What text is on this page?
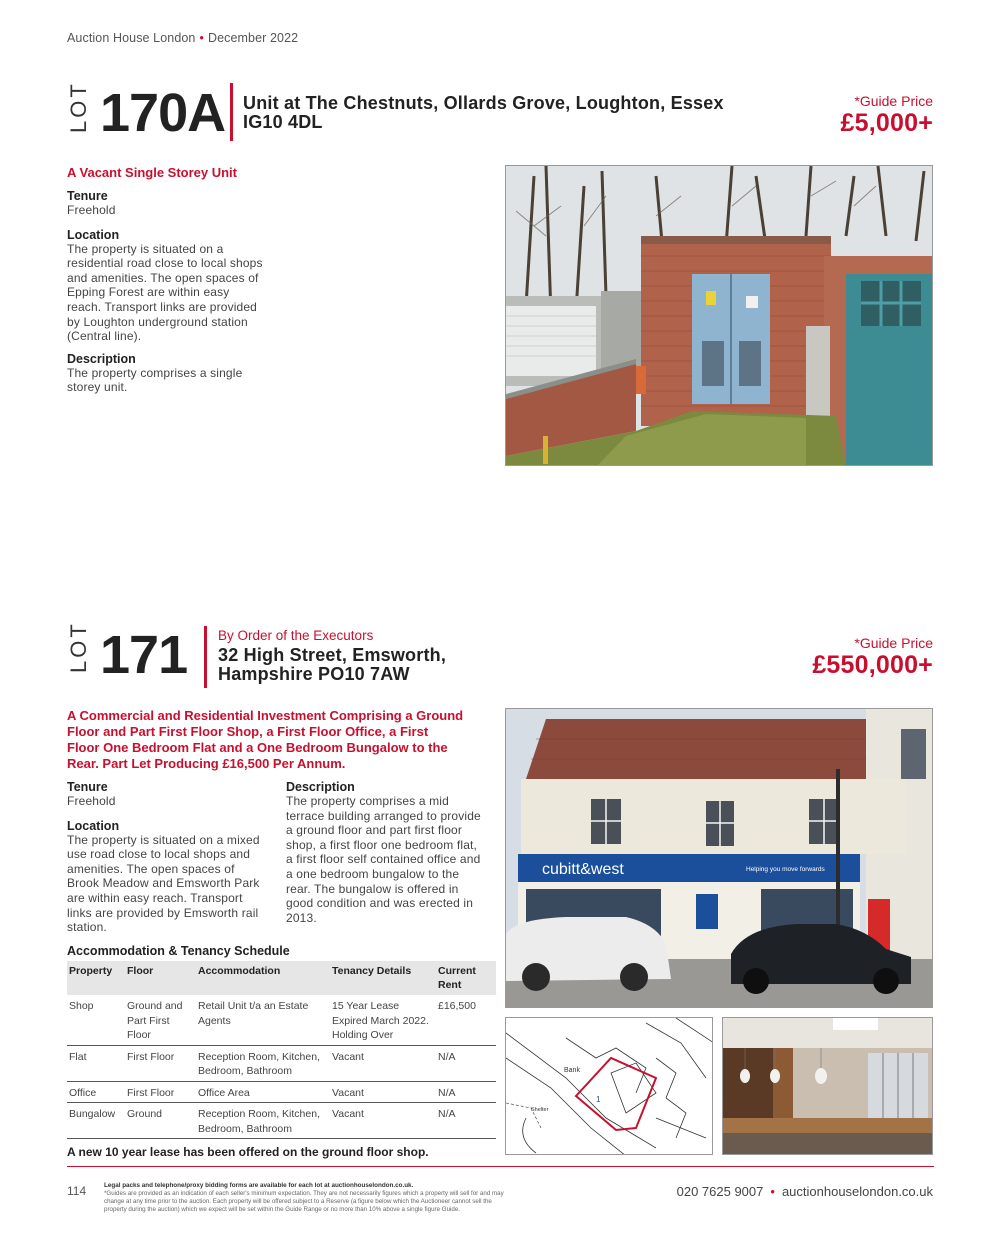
Auction House London • December 2022
LOT 170A Unit at The Chestnuts, Ollards Grove, Loughton, Essex
IG10 4DL
*Guide Price
£5,000+
A Vacant Single Storey Unit
Tenure
Freehold
Location
The property is situated on a
residential road close to local shops
and amenities. The open spaces of
Epping Forest are within easy
reach. Transport links are provided
by Loughton underground station
(Central line).
Description
The property comprises a single
storey unit.
LOT 171 By Order of the Executors
32 High Street, Emsworth,
Hampshire PO10 7AW
*Guide Price
£550,000+
A Commercial and Residential Investment Comprising a Ground
Floor and Part First Floor Shop, a First Floor Office, a First
Floor One Bedroom Flat and a One Bedroom Bungalow to the
Rear. Part Let Producing £16,500 Per Annum.
Tenure
Freehold
Location
The property is situated on a mixed
use road close to local shops and
amenities. The open spaces of
Brook Meadow and Emsworth Park
are within easy reach. Transport
links are provided by Emsworth rail
station.
Description
The property comprises a mid
terrace building arranged to provide
a ground floor and part first floor
shop, a first floor one bedroom flat,
a first floor self contained office and
a one bedroom bungalow to the
rear. The bungalow is offered in
good condition and was erected in
2013.
Accommodation & Tenancy Schedule
Property	Floor	Accommodation	Tenancy Details	Current Rent
Shop	Ground and Part First Floor	Retail Unit t/a an Estate Agents	15 Year Lease Expired March 2022. Holding Over	£16,500
Flat	First Floor	Reception Room, Kitchen, Bedroom, Bathroom	Vacant	N/A
Office	First Floor	Office Area	Vacant	N/A
Bungalow	Ground	Reception Room, Kitchen, Bedroom, Bathroom	Vacant	N/A
A new 10 year lease has been offered on the ground floor shop.
cubitt&west	Helping you move forwards
Bank
Shelter
1
114	Legal packs and telephone/proxy bidding forms are available for each lot at auctionhouselondon.co.uk.
*Guides are provided as an indication of each seller's minimum expectation. They are not necessarily figures which a property will sell for and may
change at any time prior to the auction. Each property will be offered subject to a Reserve (a figure below which the Auctioneer cannot sell the
property during the auction) which we expect will be set within the Guide Range or no more than 10% above a single figure Guide.
020 7625 9007 • auctionhouselondon.co.uk
